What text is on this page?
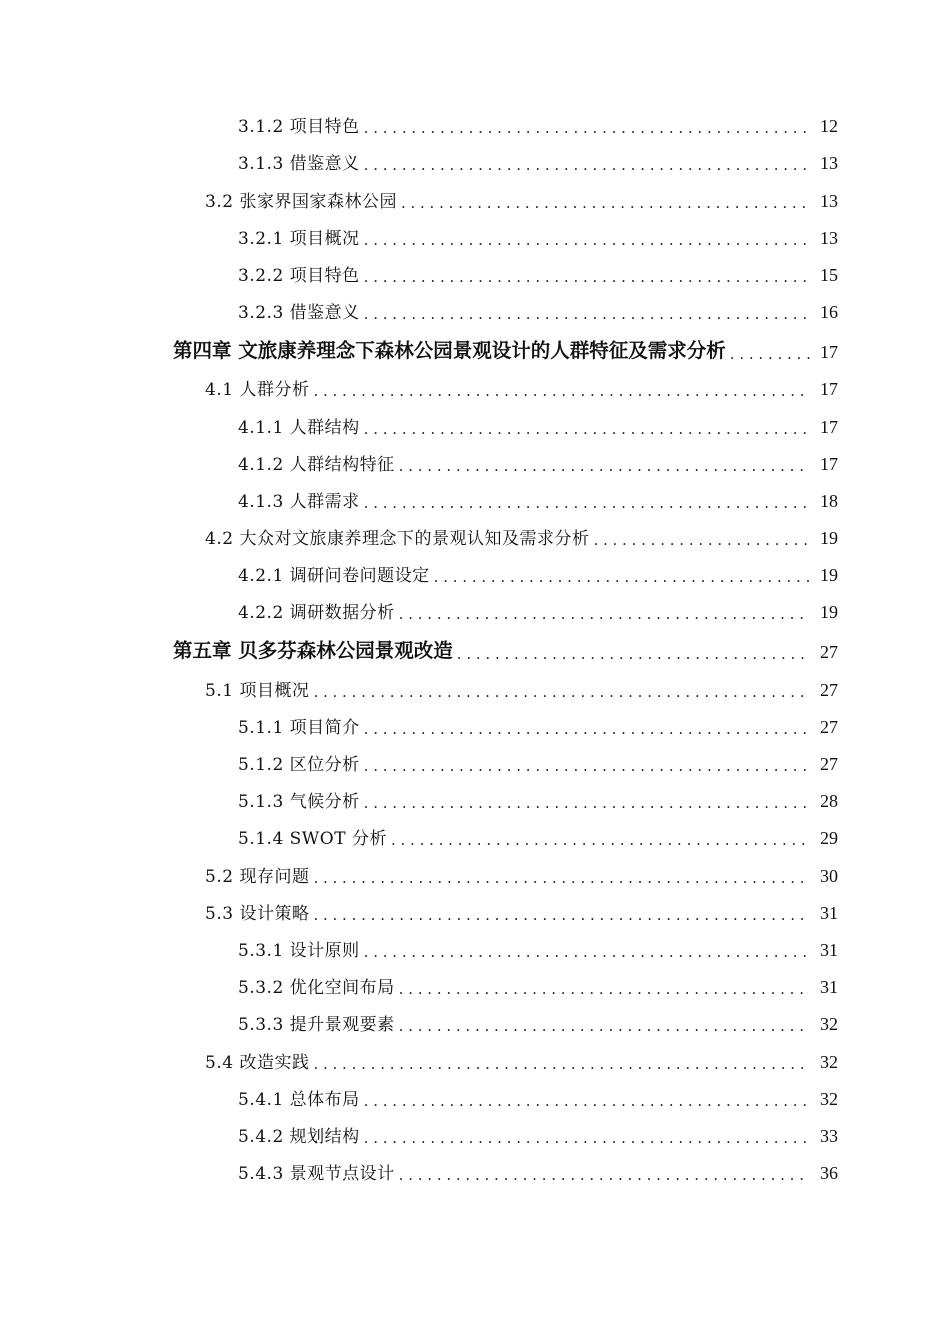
3.1.2 项目特色 . . .	12
3.1.3 借鉴意义 . . .	13
3.2 张家界国家森林公园 . . .	13
3.2.1 项目概况 . . .	13
3.2.2 项目特色 . . .	15
3.2.3 借鉴意义 . . .	16
第四章 文旅康养理念下森林公园景观设计的人群特征及需求分析 . . .	17
4.1 人群分析 . . .	17
4.1.1 人群结构 . . .	17
4.1.2 人群结构特征 . . .	17
4.1.3 人群需求 . . .	18
4.2 大众对文旅康养理念下的景观认知及需求分析 . . .	19
4.2.1 调研问卷问题设定 . . .	19
4.2.2 调研数据分析 . . .	19
第五章 贝多芬森林公园景观改造 . . .	27
5.1 项目概况 . . .	27
5.1.1 项目简介 . . .	27
5.1.2 区位分析 . . .	27
5.1.3 气候分析 . . .	28
5.1.4 SWOT 分析 . . .	29
5.2 现存问题 . . .	30
5.3 设计策略 . . .	31
5.3.1 设计原则 . . .	31
5.3.2 优化空间布局 . . .	31
5.3.3 提升景观要素 . . .	32
5.4 改造实践 . . .	32
5.4.1 总体布局 . . .	32
5.4.2 规划结构 . . .	33
5.4.3 景观节点设计 . . .	36
